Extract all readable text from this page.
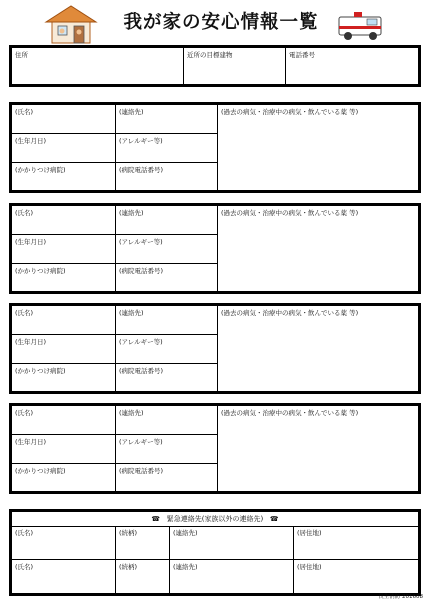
我が家の安心情報一覧
住所	近所の目標建物	電話番号
(氏名)	(連絡先)	(過去の病気・治療中の病気・飲んでいる薬 等)
(生年月日)	(アレルギー等)
(かかりつけ病院)	(病院電話番号)
(氏名)	(連絡先)	(過去の病気・治療中の病気・飲んでいる薬 等)
(生年月日)	(アレルギー等)
(かかりつけ病院)	(病院電話番号)
(氏名)	(連絡先)	(過去の病気・治療中の病気・飲んでいる薬 等)
(生年月日)	(アレルギー等)
(かかりつけ病院)	(病院電話番号)
(氏名)	(連絡先)	(過去の病気・治療中の病気・飲んでいる薬 等)
(生年月日)	(アレルギー等)
(かかりつけ病院)	(病院電話番号)
☎ 緊急連絡先(家族以外の連絡先) ☎
(氏名)	(続柄)	(連絡先)	(居住地)
(氏名)	(続柄)	(連絡先)	(居住地)
長生消防 201608
